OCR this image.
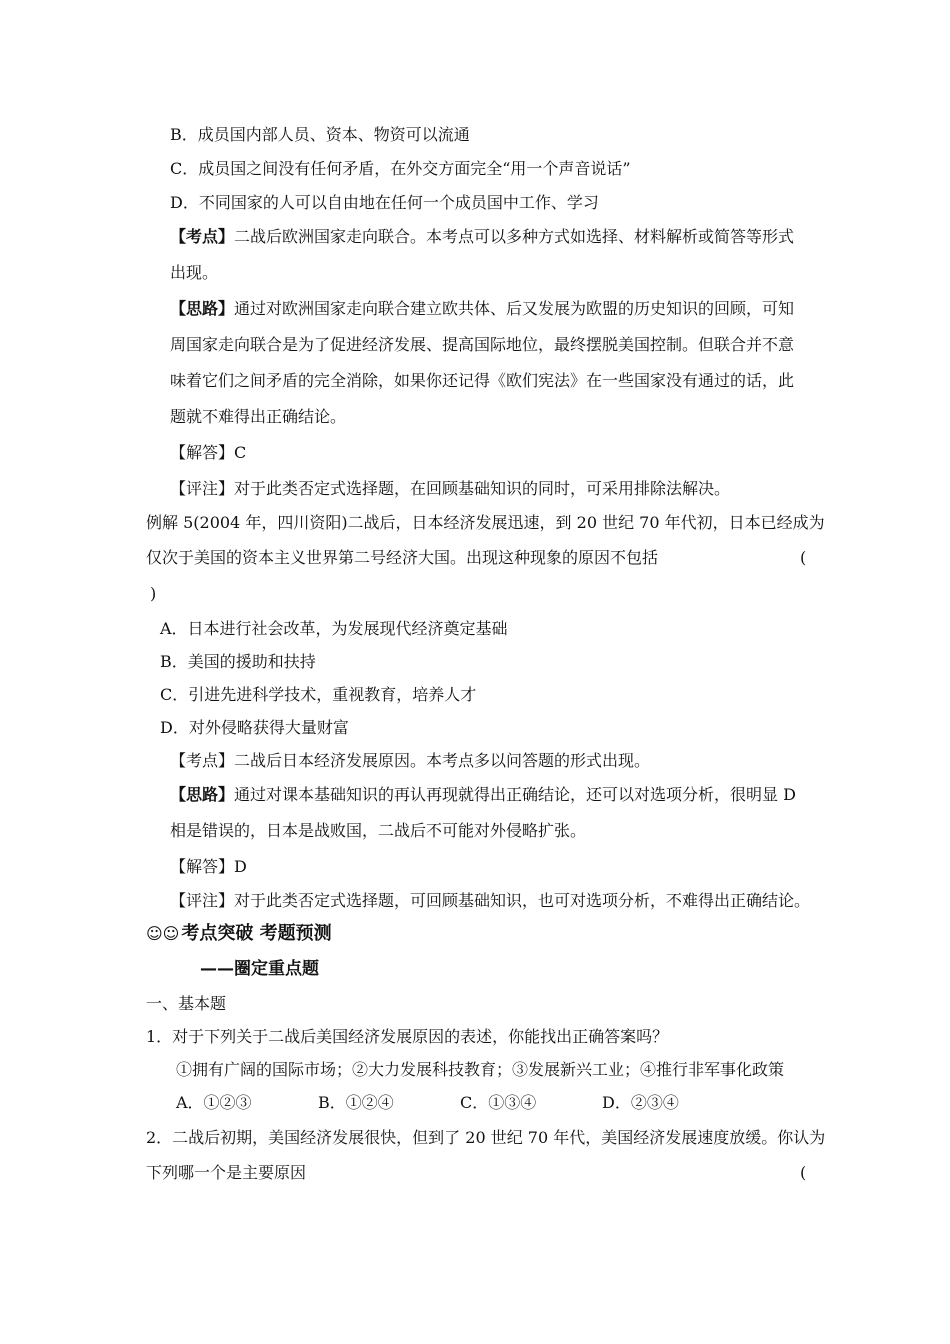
B．成员国内部人员、资本、物资可以流通
C．成员国之间没有任何矛盾，在外交方面完全“用一个声音说话”
D．不同国家的人可以自由地在任何一个成员国中工作、学习
【考点】二战后欧洲国家走向联合。本考点可以多种方式如选择、材料解析或简答等形式
出现。
【思路】通过对欧洲国家走向联合建立欧共体、后又发展为欧盟的历史知识的回顾，可知
周国家走向联合是为了促进经济发展、提高国际地位，最终摆脱美国控制。但联合并不意
味着它们之间矛盾的完全消除，如果你还记得《欧们宪法》在一些国家没有通过的话，此
题就不难得出正确结论。
【解答】C
【评注】对于此类否定式选择题，在回顾基础知识的同时，可采用排除法解决。
例解 5(2004 年，四川资阳)二战后，日本经济发展迅速，到 20 世纪 70 年代初，日本已经成为
仅次于美国的资本主义世界第二号经济大国。出现这种现象的原因不包括	(
)
A．日本进行社会改革，为发展现代经济奠定基础
B．美国的援助和扶持
C．引进先进科学技术，重视教育，培养人才
D．对外侵略获得大量财富
【考点】二战后日本经济发展原因。本考点多以问答题的形式出现。
【思路】通过对课本基础知识的再认再现就得出正确结论，还可以对选项分析，很明显 D
相是错误的，日本是战败国，二战后不可能对外侵略扩张。
【解答】D
【评注】对于此类否定式选择题，可回顾基础知识，也可对选项分析，不难得出正确结论。
☺☺ 考点突破 考题预测
——圈定重点题
一、基本题
1．对于下列关于二战后美国经济发展原因的表述，你能找出正确答案吗？
①拥有广阔的国际市场；②大力发展科技教育；③发展新兴工业；④推行非军事化政策
A．①②③	B．①②④	C．①③④	D．②③④
2．二战后初期，美国经济发展很快，但到了 20 世纪 70 年代，美国经济发展速度放缓。你认为
下列哪一个是主要原因	(
